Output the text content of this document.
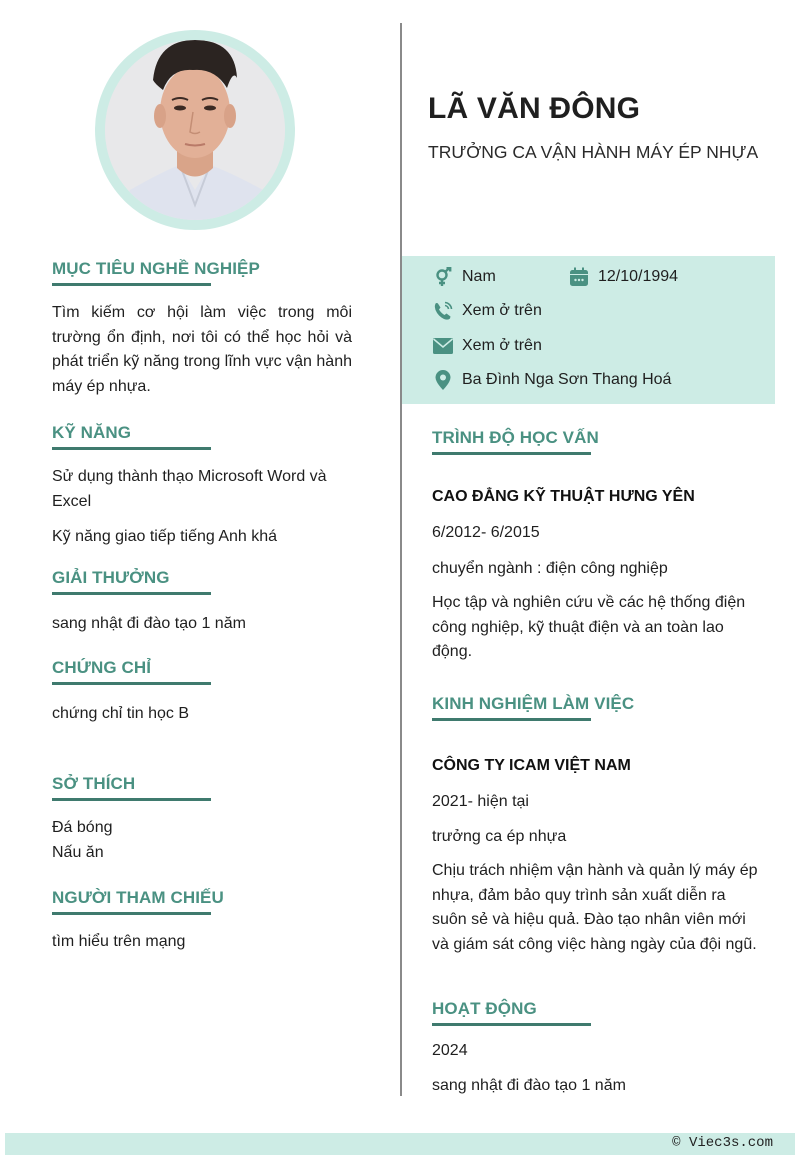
LÃ VĂN ĐÔNG

TRƯỞNG CA VẬN HÀNH MÁY ÉP NHỰA

Nam	12/10/1994
Xem ở trên
Xem ở trên
Ba Đình Nga Sơn Thang Hoá
MỤC TIÊU NGHỀ NGHIỆP

Tìm kiếm cơ hội làm việc trong môi trường ổn định, nơi tôi có thể học hỏi và phát triển kỹ năng trong lĩnh vực vận hành máy ép nhựa.

KỸ NĂNG

Sử dụng thành thạo Microsoft Word và Excel

Kỹ năng giao tiếp tiếng Anh khá

GIẢI THƯỞNG

sang nhật đi đào tạo 1 năm

CHỨNG CHỈ

chứng chỉ tin học B

SỞ THÍCH

Đá bóng

Nấu ăn

NGƯỜI THAM CHIẾU

tìm hiểu trên mạng

TRÌNH ĐỘ HỌC VẤN

CAO ĐẲNG KỸ THUẬT HƯNG YÊN

6/2012- 6/2015

chuyển ngành : điện công nghiệp

Học tập và nghiên cứu về các hệ thống điện công nghiệp, kỹ thuật điện và an toàn lao động.

KINH NGHIỆM LÀM VIỆC

CÔNG TY ICAM VIỆT NAM

2021- hiện tại

trưởng ca ép nhựa

Chịu trách nhiệm vận hành và quản lý máy ép nhựa, đảm bảo quy trình sản xuất diễn ra suôn sẻ và hiệu quả. Đào tạo nhân viên mới và giám sát công việc hàng ngày của đội ngũ.

HOẠT ĐỘNG

2024

sang nhật đi đào tạo 1 năm

© Viec3s.com
